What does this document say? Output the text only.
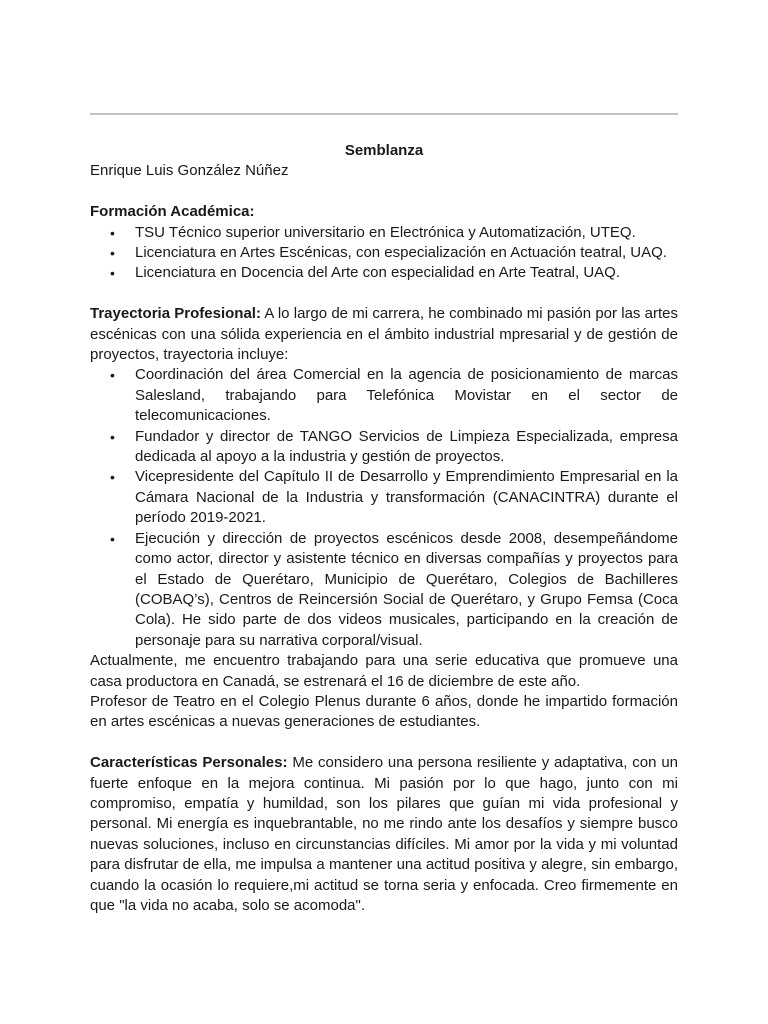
Semblanza

Enrique Luis González Núñez

Formación Académica:

• TSU Técnico superior universitario en Electrónica y Automatización, UTEQ.
• Licenciatura en Artes Escénicas, con especialización en Actuación teatral, UAQ.
• Licenciatura en Docencia del Arte con especialidad en Arte Teatral, UAQ.

Trayectoria Profesional: A lo largo de mi carrera, he combinado mi pasión por las artes escénicas con una sólida experiencia en el ámbito industrial mpresarial y de gestión de proyectos, trayectoria incluye:

• Coordinación del área Comercial en la agencia de posicionamiento de marcas Salesland, trabajando para Telefónica Movistar en el sector de telecomunicaciones.
• Fundador y director de TANGO Servicios de Limpieza Especializada, empresa dedicada al apoyo a la industria y gestión de proyectos.
• Vicepresidente del Capítulo II de Desarrollo y Emprendimiento Empresarial en la Cámara Nacional de la Industria y transformación (CANACINTRA) durante el período 2019-2021.
• Ejecución y dirección de proyectos escénicos desde 2008, desempeñándome como actor, director y asistente técnico en diversas compañías y proyectos para el Estado de Querétaro, Municipio de Querétaro, Colegios de Bachilleres (COBAQ’s), Centros de Reincersión Social de Querétaro, y Grupo Femsa (Coca Cola). He sido parte de dos videos musicales, participando en la creación de personaje para su narrativa corporal/visual.

Actualmente, me encuentro trabajando para una serie educativa que promueve una casa productora en Canadá, se estrenará el 16 de diciembre de este año.

Profesor de Teatro en el Colegio Plenus durante 6 años, donde he impartido formación en artes escénicas a nuevas generaciones de estudiantes.

Características Personales: Me considero una persona resiliente y adaptativa, con un fuerte enfoque en la mejora continua. Mi pasión por lo que hago, junto con mi compromiso, empatía y humildad, son los pilares que guían mi vida profesional y personal. Mi energía es inquebrantable, no me rindo ante los desafíos y siempre busco nuevas soluciones, incluso en circunstancias difíciles. Mi amor por la vida y mi voluntad para disfrutar de ella, me impulsa a mantener una actitud positiva y alegre, sin embargo, cuando la ocasión lo requiere,mi actitud se torna seria y enfocada. Creo firmemente en que "la vida no acaba, solo se acomoda".
